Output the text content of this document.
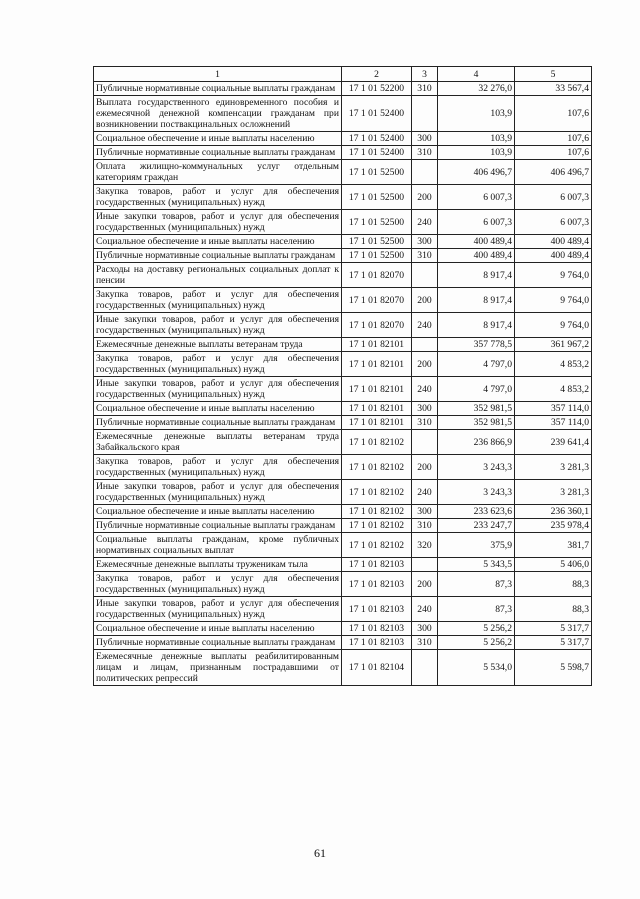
1	2	3	4	5
Публичные нормативные социальные выплаты гражданам	17 1 01 52200	310	32 276,0	33 567,4
Выплата государственного единовременного пособия и ежемесячной денежной компенсации гражданам при возникновении поствакцинальных осложнений	17 1 01 52400		103,9	107,6
Социальное обеспечение и иные выплаты населению	17 1 01 52400	300	103,9	107,6
Публичные нормативные социальные выплаты гражданам	17 1 01 52400	310	103,9	107,6
Оплата жилищно-коммунальных услуг отдельным категориям граждан	17 1 01 52500		406 496,7	406 496,7
Закупка товаров, работ и услуг для обеспечения государственных (муниципальных) нужд	17 1 01 52500	200	6 007,3	6 007,3
Иные закупки товаров, работ и услуг для обеспечения государственных (муниципальных) нужд	17 1 01 52500	240	6 007,3	6 007,3
Социальное обеспечение и иные выплаты населению	17 1 01 52500	300	400 489,4	400 489,4
Публичные нормативные социальные выплаты гражданам	17 1 01 52500	310	400 489,4	400 489,4
Расходы на доставку региональных социальных доплат к пенсии	17 1 01 82070		8 917,4	9 764,0
Закупка товаров, работ и услуг для обеспечения государственных (муниципальных) нужд	17 1 01 82070	200	8 917,4	9 764,0
Иные закупки товаров, работ и услуг для обеспечения государственных (муниципальных) нужд	17 1 01 82070	240	8 917,4	9 764,0
Ежемесячные денежные выплаты ветеранам труда	17 1 01 82101		357 778,5	361 967,2
Закупка товаров, работ и услуг для обеспечения государственных (муниципальных) нужд	17 1 01 82101	200	4 797,0	4 853,2
Иные закупки товаров, работ и услуг для обеспечения государственных (муниципальных) нужд	17 1 01 82101	240	4 797,0	4 853,2
Социальное обеспечение и иные выплаты населению	17 1 01 82101	300	352 981,5	357 114,0
Публичные нормативные социальные выплаты гражданам	17 1 01 82101	310	352 981,5	357 114,0
Ежемесячные денежные выплаты ветеранам труда Забайкальского края	17 1 01 82102		236 866,9	239 641,4
Закупка товаров, работ и услуг для обеспечения государственных (муниципальных) нужд	17 1 01 82102	200	3 243,3	3 281,3
Иные закупки товаров, работ и услуг для обеспечения государственных (муниципальных) нужд	17 1 01 82102	240	3 243,3	3 281,3
Социальное обеспечение и иные выплаты населению	17 1 01 82102	300	233 623,6	236 360,1
Публичные нормативные социальные выплаты гражданам	17 1 01 82102	310	233 247,7	235 978,4
Социальные выплаты гражданам, кроме публичных нормативных социальных выплат	17 1 01 82102	320	375,9	381,7
Ежемесячные денежные выплаты труженикам тыла	17 1 01 82103		5 343,5	5 406,0
Закупка товаров, работ и услуг для обеспечения государственных (муниципальных) нужд	17 1 01 82103	200	87,3	88,3
Иные закупки товаров, работ и услуг для обеспечения государственных (муниципальных) нужд	17 1 01 82103	240	87,3	88,3
Социальное обеспечение и иные выплаты населению	17 1 01 82103	300	5 256,2	5 317,7
Публичные нормативные социальные выплаты гражданам	17 1 01 82103	310	5 256,2	5 317,7
Ежемесячные денежные выплаты реабилитированным лицам и лицам, признанным пострадавшими от политических репрессий	17 1 01 82104		5 534,0	5 598,7
61
